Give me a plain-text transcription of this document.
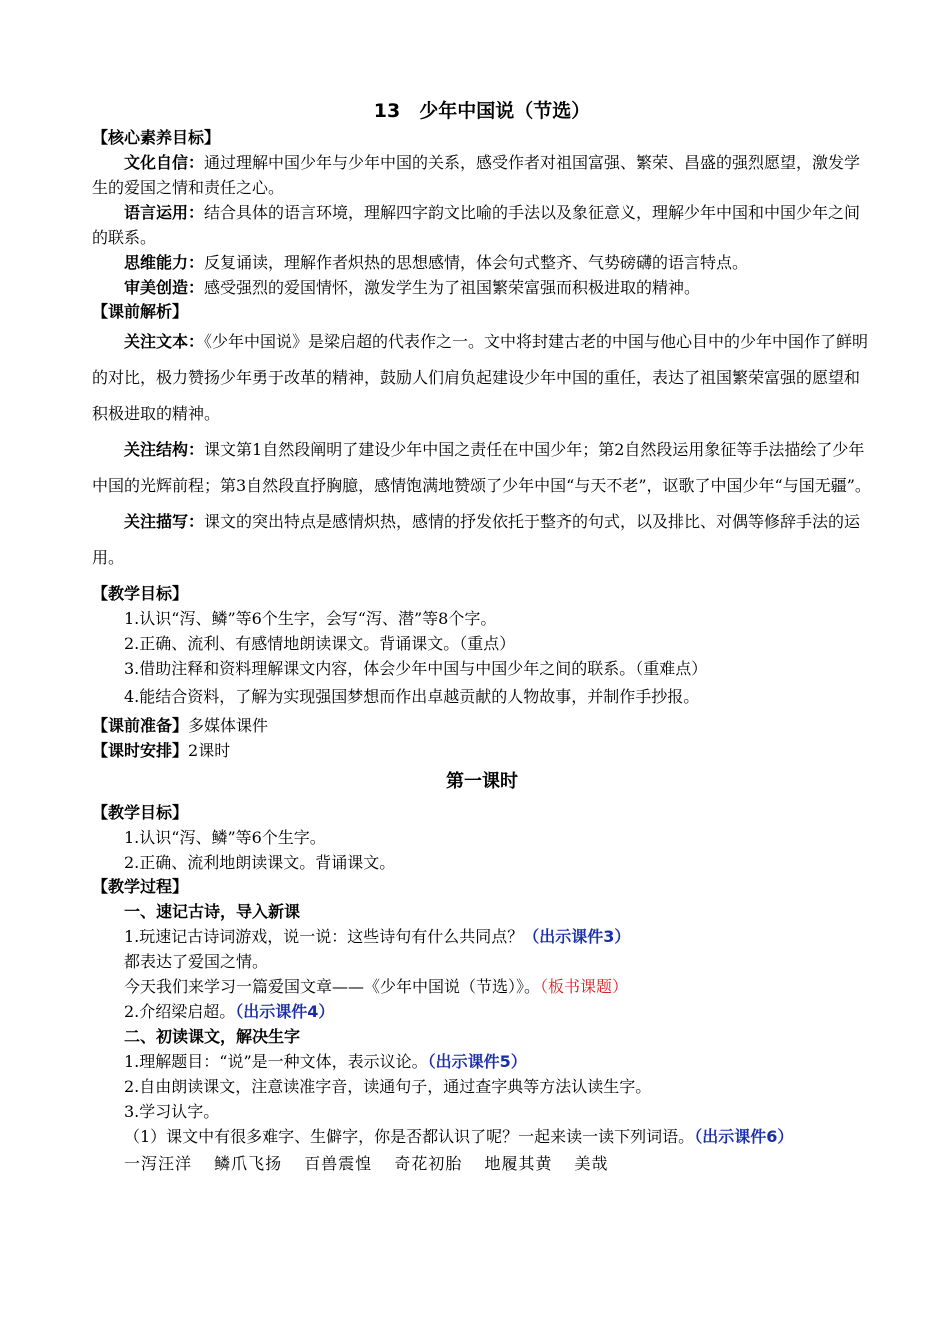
13　少年中国说（节选）
【核心素养目标】
文化自信：通过理解中国少年与少年中国的关系，感受作者对祖国富强、繁荣、昌盛的强烈愿望，激发学生的爱国之情和责任之心。
语言运用：结合具体的语言环境，理解四字韵文比喻的手法以及象征意义，理解少年中国和中国少年之间的联系。
思维能力：反复诵读，理解作者炽热的思想感情，体会句式整齐、气势磅礴的语言特点。
审美创造：感受强烈的爱国情怀，激发学生为了祖国繁荣富强而积极进取的精神。
【课前解析】
关注文本：《少年中国说》是梁启超的代表作之一。文中将封建古老的中国与他心目中的少年中国作了鲜明的对比，极力赞扬少年勇于改革的精神，鼓励人们肩负起建设少年中国的重任，表达了祖国繁荣富强的愿望和积极进取的精神。
关注结构：课文第1自然段阐明了建设少年中国之责任在中国少年；第2自然段运用象征等手法描绘了少年中国的光辉前程；第3自然段直抒胸臆，感情饱满地赞颂了少年中国“与天不老”，讴歌了中国少年“与国无疆”。
关注描写：课文的突出特点是感情炽热，感情的抒发依托于整齐的句式，以及排比、对偶等修辞手法的运用。
【教学目标】
1.认识“泻、鳞”等6个生字，会写“泻、潜”等8个字。
2.正确、流利、有感情地朗读课文。背诵课文。（重点）
3.借助注释和资料理解课文内容，体会少年中国与中国少年之间的联系。（重难点）
4.能结合资料，了解为实现强国梦想而作出卓越贡献的人物故事，并制作手抄报。
【课前准备】多媒体课件
【课时安排】2课时
第一课时
【教学目标】
1.认识“泻、鳞”等6个生字。
2.正确、流利地朗读课文。背诵课文。
【教学过程】
一、速记古诗，导入新课
1.玩速记古诗词游戏，说一说：这些诗句有什么共同点？（出示课件3）
都表达了爱国之情。
今天我们来学习一篇爱国文章——《少年中国说（节选）》。（板书课题）
2.介绍梁启超。（出示课件4）
二、初读课文，解决生字
1.理解题目：“说”是一种文体，表示议论。（出示课件5）
2.自由朗读课文，注意读准字音，读通句子，通过查字典等方法认读生字。
3.学习认字。
（1）课文中有很多难字、生僻字，你是否都认识了呢？一起来读一读下列词语。（出示课件6）
一泻汪洋 鳞爪飞扬 百兽震惶 奇花初胎 地履其黄 美哉
